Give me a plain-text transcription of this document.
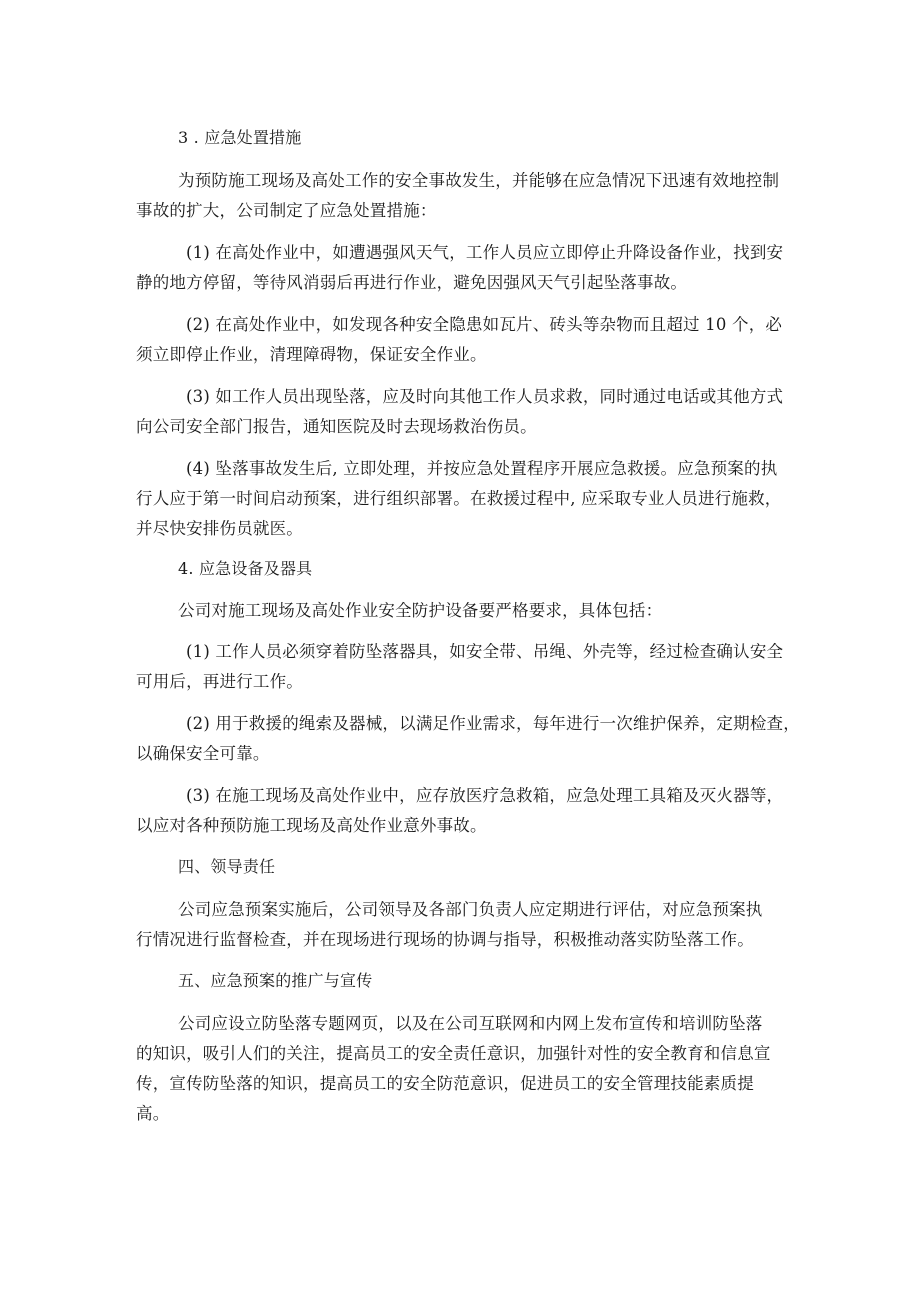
3 . 应急处置措施
为预防施工现场及高处工作的安全事故发生，并能够在应急情况下迅速有效地控制
事故的扩大，公司制定了应急处置措施：
(1) 在高处作业中，如遭遇强风天气，工作人员应立即停止升降设备作业，找到安
静的地方停留，等待风消弱后再进行作业，避免因强风天气引起坠落事故。
(2) 在高处作业中，如发现各种安全隐患如瓦片、砖头等杂物而且超过 10 个，必
须立即停止作业，清理障碍物，保证安全作业。
(3) 如工作人员出现坠落，应及时向其他工作人员求救，同时通过电话或其他方式
向公司安全部门报告，通知医院及时去现场救治伤员。
(4) 坠落事故发生后, 立即处理，并按应急处置程序开展应急救援。应急预案的执
行人应于第一时间启动预案，进行组织部署。在救援过程中, 应采取专业人员进行施救，
并尽快安排伤员就医。
4. 应急设备及器具
公司对施工现场及高处作业安全防护设备要严格要求，具体包括：
(1) 工作人员必须穿着防坠落器具，如安全带、吊绳、外壳等，经过检查确认安全
可用后，再进行工作。
(2) 用于救援的绳索及器械，以满足作业需求，每年进行一次维护保养，定期检查，
以确保安全可靠。
(3) 在施工现场及高处作业中，应存放医疗急救箱，应急处理工具箱及灭火器等，
以应对各种预防施工现场及高处作业意外事故。
四、领导责任
公司应急预案实施后，公司领导及各部门负责人应定期进行评估，对应急预案执
行情况进行监督检查，并在现场进行现场的协调与指导，积极推动落实防坠落工作。
五、应急预案的推广与宣传
公司应设立防坠落专题网页，以及在公司互联网和内网上发布宣传和培训防坠落
的知识，吸引人们的关注，提高员工的安全责任意识，加强针对性的安全教育和信息宣
传，宣传防坠落的知识，提高员工的安全防范意识，促进员工的安全管理技能素质提
高。
